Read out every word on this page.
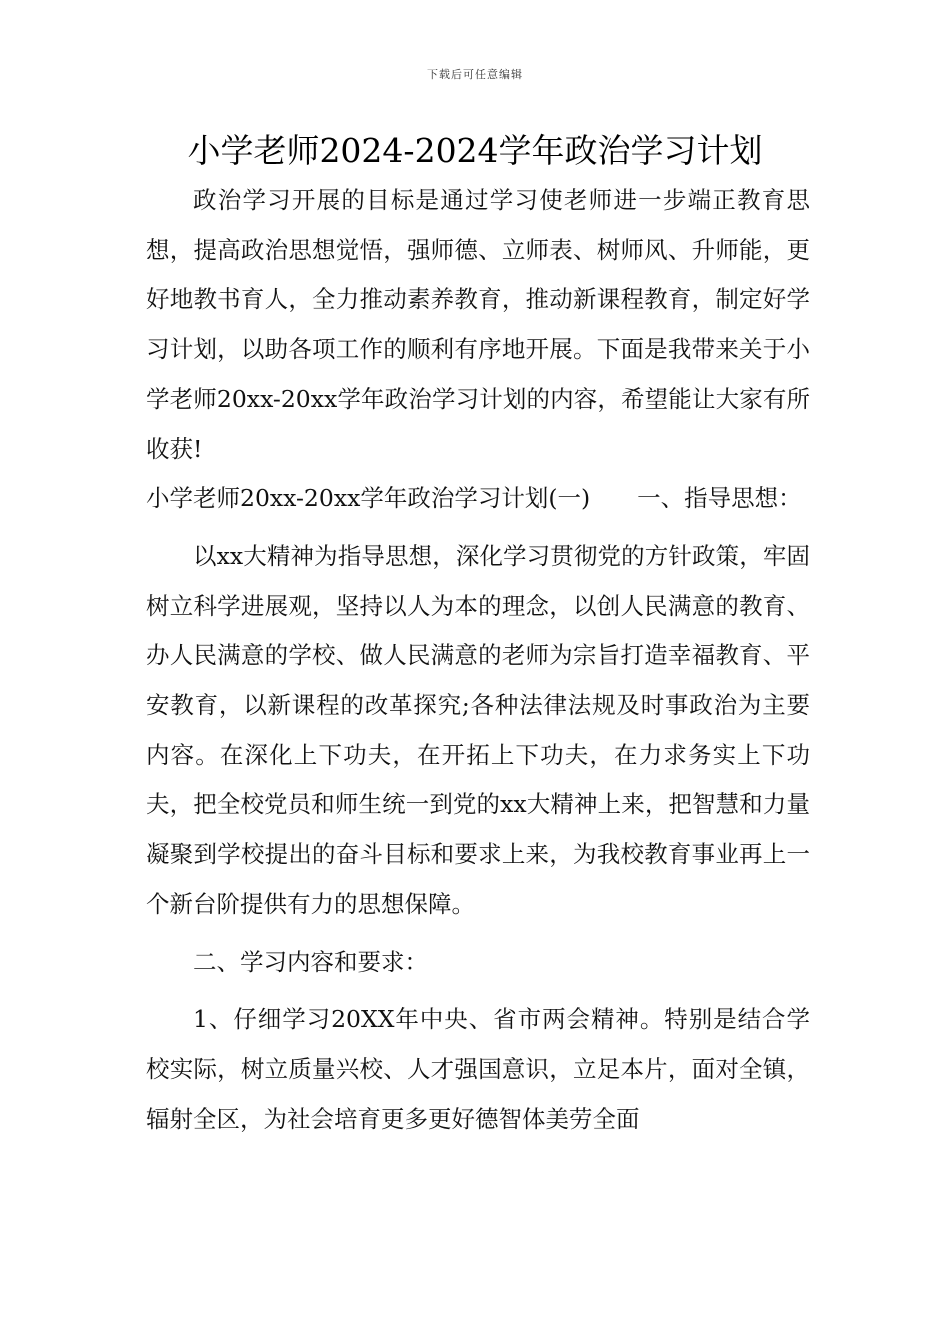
下载后可任意编辑
小学老师2024-2024学年政治学习计划

政治学习开展的目标是通过学习使老师进一步端正教育思想，提高政治思想觉悟，强师德、立师表、树师风、升师能，更好地教书育人，全力推动素养教育，推动新课程教育，制定好学习计划，以助各项工作的顺利有序地开展。下面是我带来关于小学老师20xx-20xx学年政治学习计划的内容，希望能让大家有所收获!

小学老师20xx-20xx学年政治学习计划(一)　　一、指导思想：

以xx大精神为指导思想，深化学习贯彻党的方针政策，牢固树立科学进展观，坚持以人为本的理念，以创人民满意的教育、办人民满意的学校、做人民满意的老师为宗旨打造幸福教育、平安教育，以新课程的改革探究;各种法律法规及时事政治为主要内容。在深化上下功夫，在开拓上下功夫，在力求务实上下功夫，把全校党员和师生统一到党的xx大精神上来，把智慧和力量凝聚到学校提出的奋斗目标和要求上来，为我校教育事业再上一个新台阶提供有力的思想保障。

二、学习内容和要求：

1、仔细学习20XX年中央、省市两会精神。特别是结合学校实际，树立质量兴校、人才强国意识，立足本片，面对全镇，辐射全区，为社会培育更多更好德智体美劳全面
